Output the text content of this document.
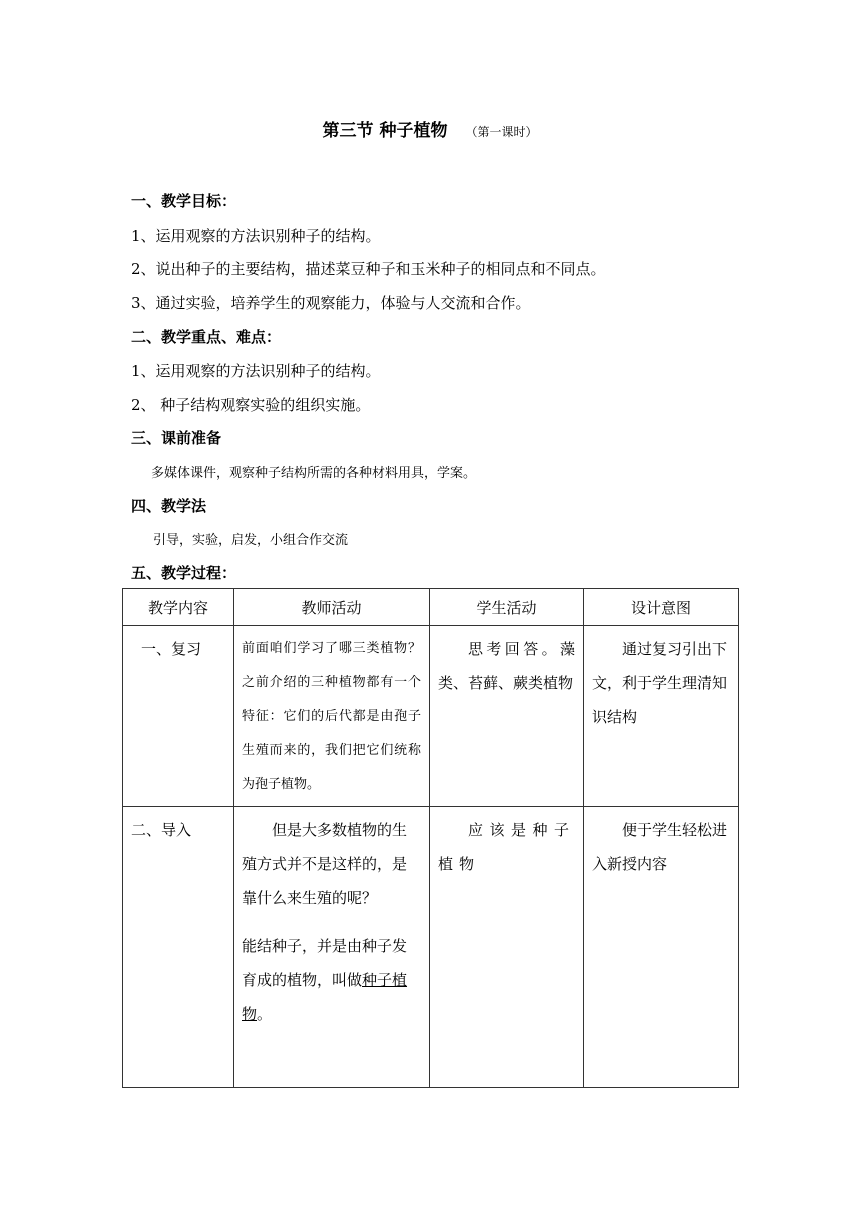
第三节 种子植物 （第一课时）
一、教学目标：
1、运用观察的方法识别种子的结构。
2、说出种子的主要结构，描述菜豆种子和玉米种子的相同点和不同点。
3、通过实验，培养学生的观察能力，体验与人交流和合作。
二、教学重点、难点：
1、运用观察的方法识别种子的结构。
2、 种子结构观察实验的组织实施。
三、课前准备
多媒体课件，观察种子结构所需的各种材料用具，学案。
四、教学法
引导，实验，启发，小组合作交流
五、教学过程：
教学内容	教师活动	学生活动	设计意图
一、复习	前面咱们学习了哪三类植物？之前介绍的三种植物都有一个特征：它们的后代都是由孢子生殖而来的，我们把它们统称为孢子植物。	思考回答。藻类、苔藓、蕨类植物	通过复习引出下文，利于学生理清知识结构
二、导入	但是大多数植物的生殖方式并不是这样的，是靠什么来生殖的呢？
能结种子，并是由种子发育成的植物，叫做种子植物。	应该是种子植物	便于学生轻松进入新授内容
